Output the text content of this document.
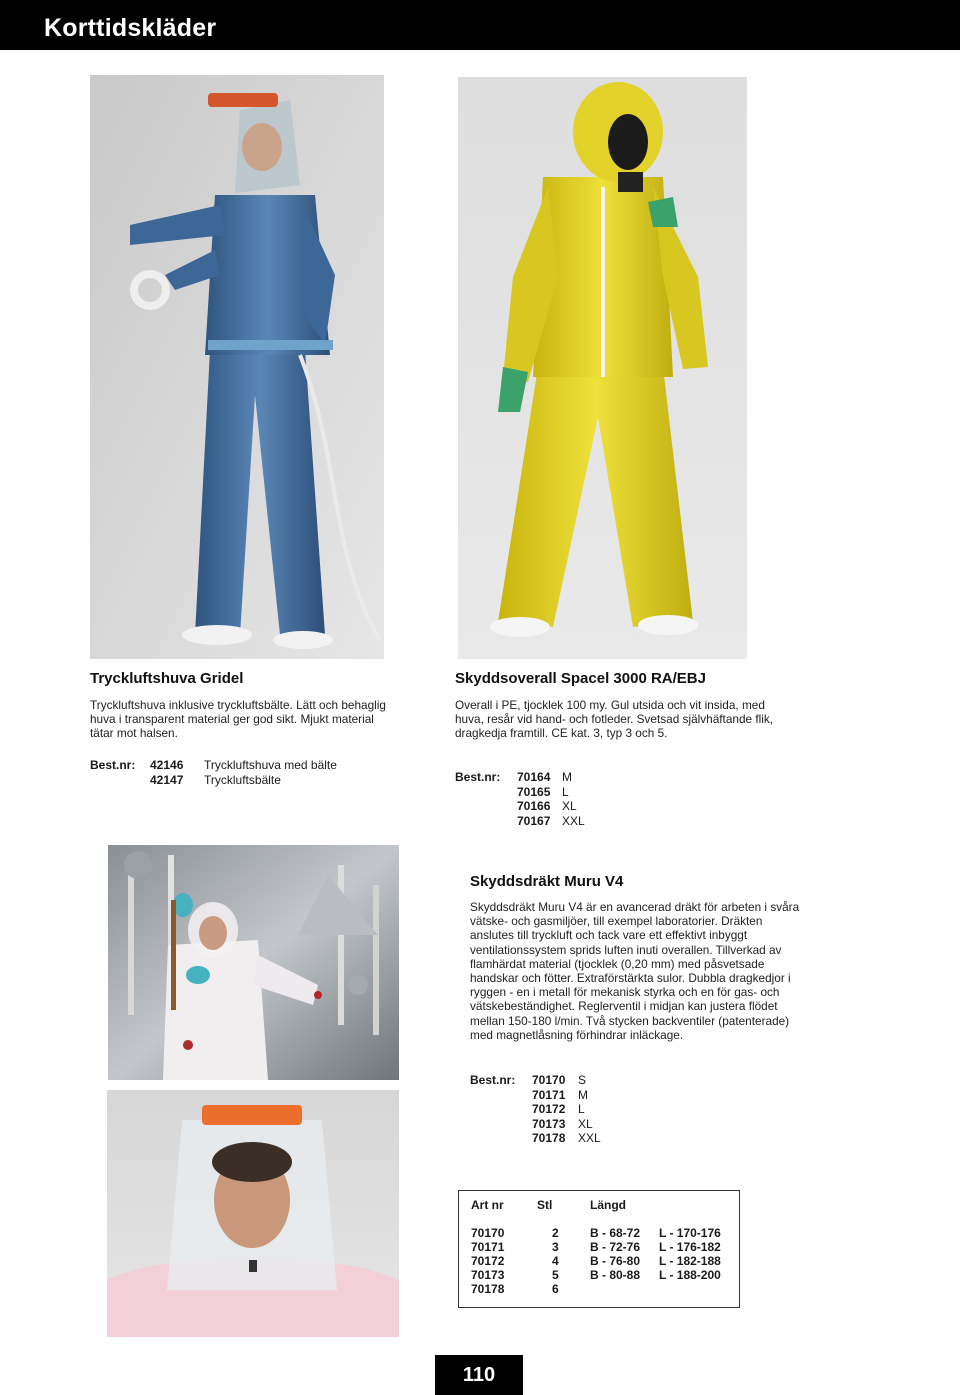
Korttidskläder
Tryckluftshuva Gridel
Tryckluftshuva inklusive tryckluftsbälte. Lätt och behaglig huva i transparent material ger god sikt. Mjukt material tätar mot halsen.
Best.nr: 42146 Tryckluftshuva med bälte
42147 Tryckluftsbälte
Skyddsoverall Spacel 3000 RA/EBJ
Overall i PE, tjocklek 100 my. Gul utsida och vit insida, med huva, resår vid hand- och fotleder. Svetsad självhäftande flik, dragkedja framtill. CE kat. 3, typ 3 och 5.
Best.nr: 70164 M
70165 L
70166 XL
70167 XXL
Skyddsdräkt Muru V4
Skyddsdräkt Muru V4 är en avancerad dräkt för arbeten i svåra vätske- och gasmiljöer, till exempel laboratorier. Dräkten anslutes till tryckluft och tack vare ett effektivt inbyggt ventilationssystem sprids luften inuti overallen. Tillverkad av flamhärdat material (tjocklek (0,20 mm) med påsvetsade handskar och fötter. Extraförstärkta sulor. Dubbla dragkedjor i ryggen - en i metall för mekanisk styrka och en för gas- och vätskebeständighet. Reglerventil i midjan kan justera flödet mellan 150-180 l/min. Två stycken backventiler (patenterade) med magnetlåsning förhindrar inläckage.
Best.nr: 70170 S
70171 M
70172 L
70173 XL
70178 XXL
Art nr	Stl	Längd
70170	2	B - 68-72 L - 170-176
70171	3	B - 72-76 L - 176-182
70172	4	B - 76-80 L - 182-188
70173	5	B - 80-88 L - 188-200
70178	6
110
